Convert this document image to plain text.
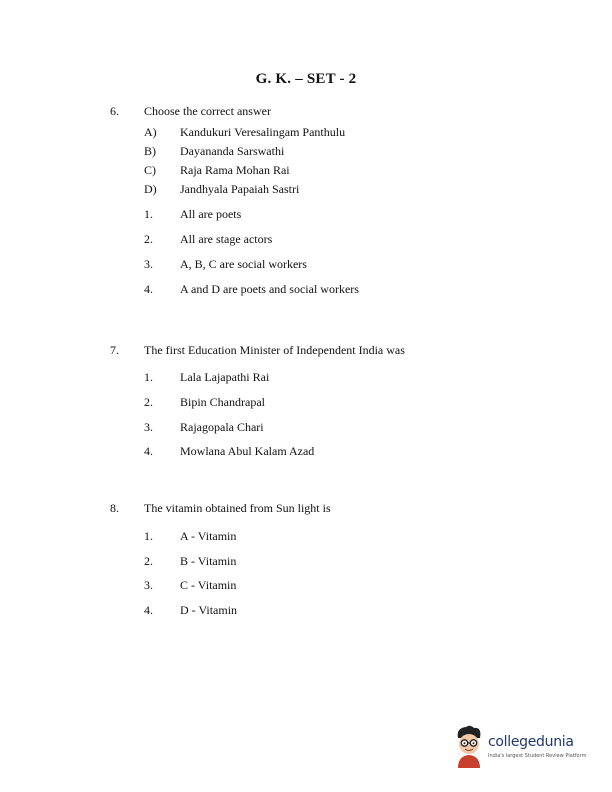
G. K. – SET - 2
6. Choose the correct answer
A) Kandukuri Veresalingam Panthulu
B) Dayananda Sarswathi
C) Raja Rama Mohan Rai
D) Jandhyala Papaiah Sastri
1. All are poets
2. All are stage actors
3. A, B, C are social workers
4. A and D are poets and social workers
7. The first Education Minister of Independent India was
1. Lala Lajapathi Rai
2. Bipin Chandrapal
3. Rajagopala Chari
4. Mowlana Abul Kalam Azad
8. The vitamin obtained from Sun light is
1. A - Vitamin
2. B - Vitamin
3. C - Vitamin
4. D - Vitamin
collegedunia
India's largest Student Review Platform
